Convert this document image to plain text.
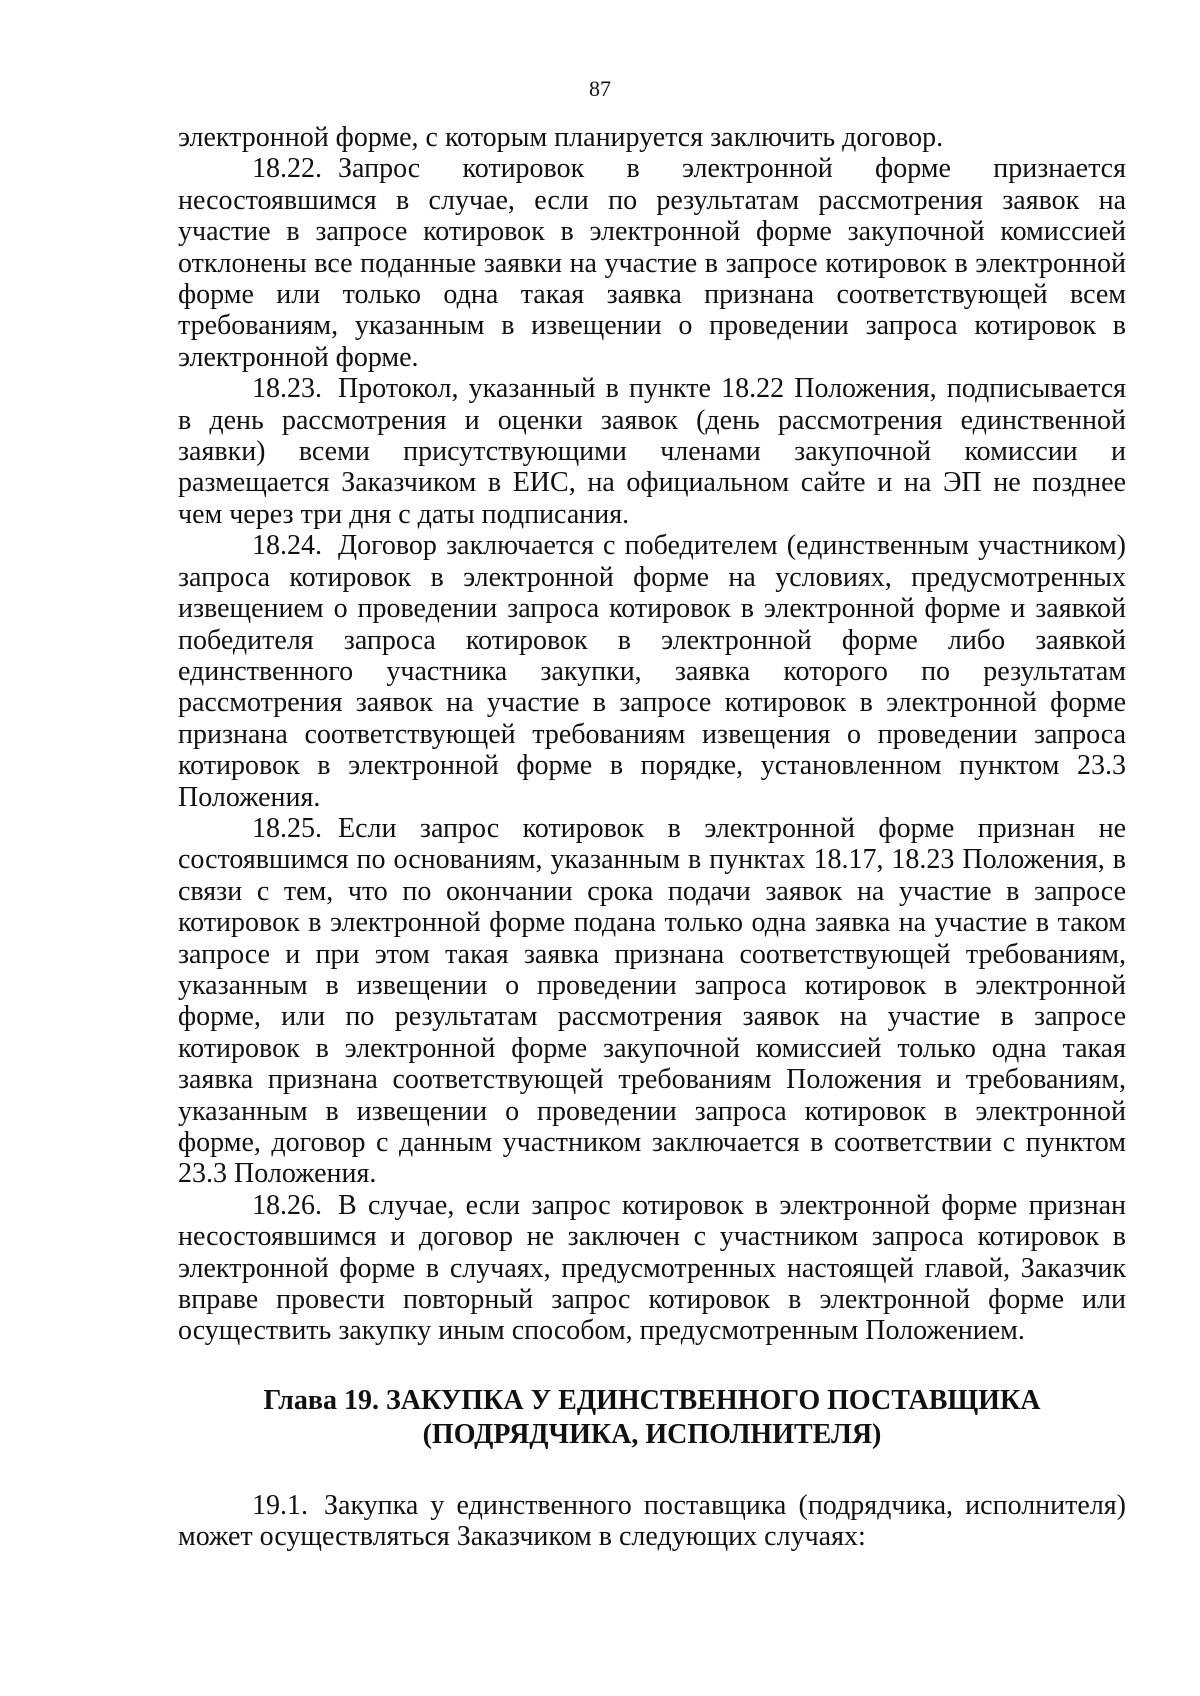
87

электронной форме, с которым планируется заключить договор.

18.22. Запрос котировок в электронной форме признается несостоявшимся в случае, если по результатам рассмотрения заявок на участие в запросе котировок в электронной форме закупочной комиссией отклонены все поданные заявки на участие в запросе котировок в электронной форме или только одна такая заявка признана соответствующей всем требованиям, указанным в извещении о проведении запроса котировок в электронной форме.

18.23. Протокол, указанный в пункте 18.22 Положения, подписывается в день рассмотрения и оценки заявок (день рассмотрения единственной заявки) всеми присутствующими членами закупочной комиссии и размещается Заказчиком в ЕИС, на официальном сайте и на ЭП не позднее чем через три дня с даты подписания.

18.24. Договор заключается с победителем (единственным участником) запроса котировок в электронной форме на условиях, предусмотренных извещением о проведении запроса котировок в электронной форме и заявкой победителя запроса котировок в электронной форме либо заявкой единственного участника закупки, заявка которого по результатам рассмотрения заявок на участие в запросе котировок в электронной форме признана соответствующей требованиям извещения о проведении запроса котировок в электронной форме в порядке, установленном пунктом 23.3 Положения.

18.25. Если запрос котировок в электронной форме признан не состоявшимся по основаниям, указанным в пунктах 18.17, 18.23 Положения, в связи с тем, что по окончании срока подачи заявок на участие в запросе котировок в электронной форме подана только одна заявка на участие в таком запросе и при этом такая заявка признана соответствующей требованиям, указанным в извещении о проведении запроса котировок в электронной форме, или по результатам рассмотрения заявок на участие в запросе котировок в электронной форме закупочной комиссией только одна такая заявка признана соответствующей требованиям Положения и требованиям, указанным в извещении о проведении запроса котировок в электронной форме, договор с данным участником заключается в соответствии с пунктом 23.3 Положения.

18.26. В случае, если запрос котировок в электронной форме признан несостоявшимся и договор не заключен с участником запроса котировок в электронной форме в случаях, предусмотренных настоящей главой, Заказчик вправе провести повторный запрос котировок в электронной форме или осуществить закупку иным способом, предусмотренным Положением.

Глава 19. ЗАКУПКА У ЕДИНСТВЕННОГО ПОСТАВЩИКА
(ПОДРЯДЧИКА, ИСПОЛНИТЕЛЯ)

19.1. Закупка у единственного поставщика (подрядчика, исполнителя) может осуществляться Заказчиком в следующих случаях:
